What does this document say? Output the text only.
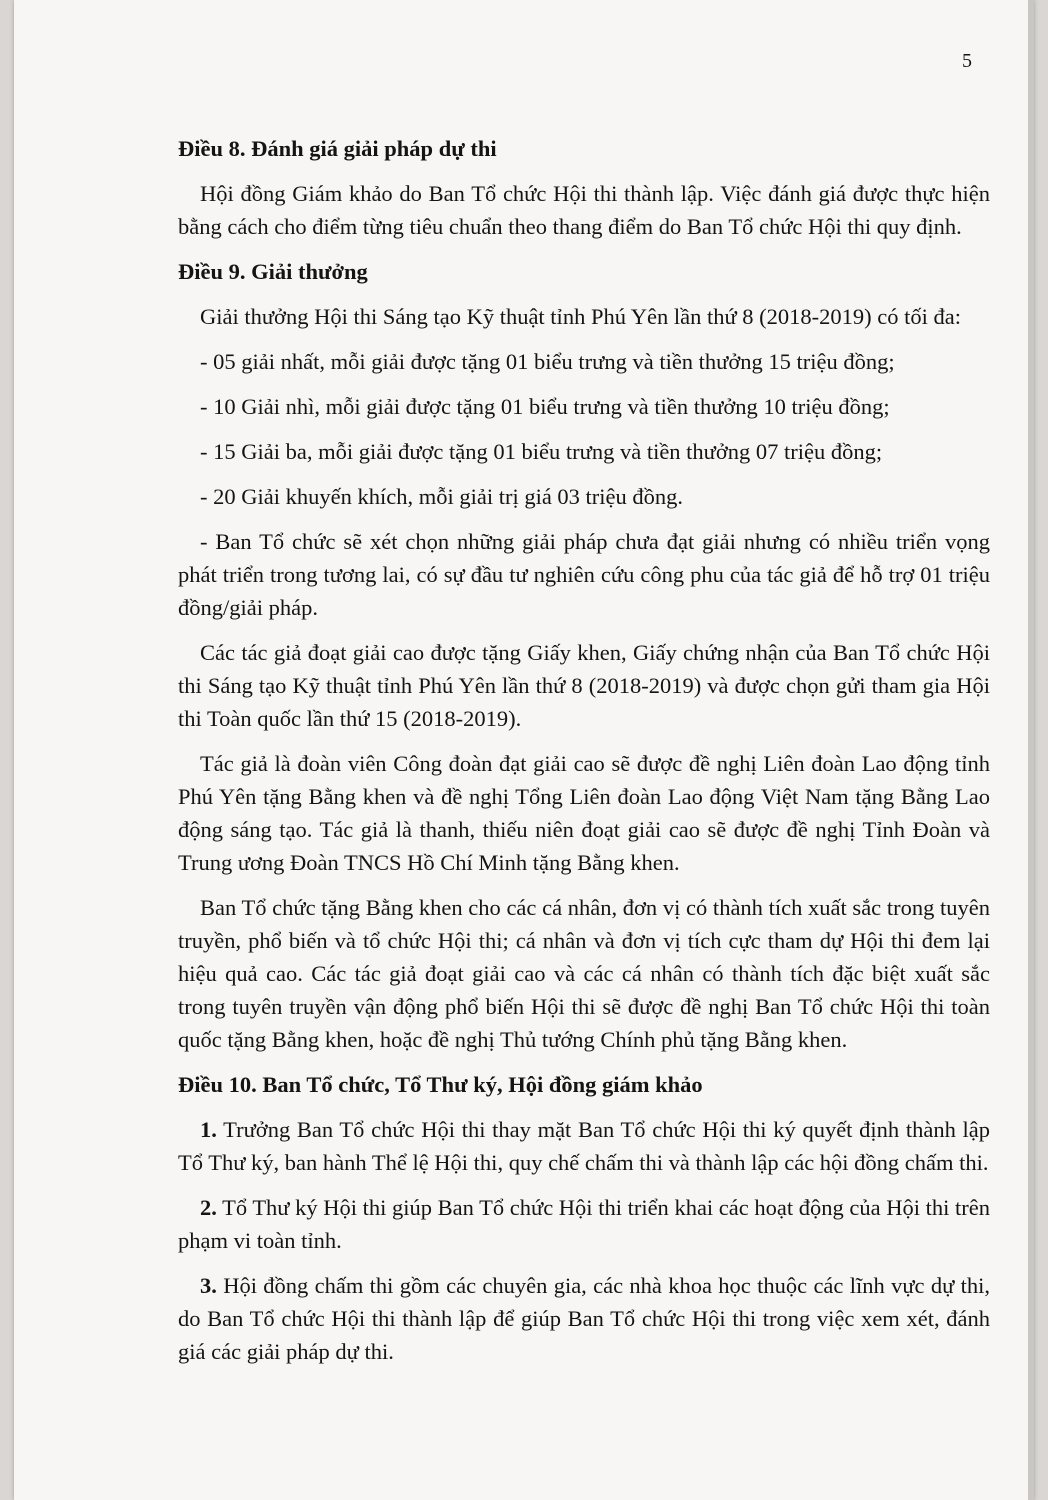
5

Điều 8. Đánh giá giải pháp dự thi

Hội đồng Giám khảo do Ban Tổ chức Hội thi thành lập. Việc đánh giá được thực hiện bằng cách cho điểm từng tiêu chuẩn theo thang điểm do Ban Tổ chức Hội thi quy định.

Điều 9. Giải thưởng

Giải thưởng Hội thi Sáng tạo Kỹ thuật tỉnh Phú Yên lần thứ 8 (2018-2019) có tối đa:

- 05 giải nhất, mỗi giải được tặng 01 biểu trưng và tiền thưởng 15 triệu đồng;
- 10 Giải nhì, mỗi giải được tặng 01 biểu trưng và tiền thưởng 10 triệu đồng;
- 15 Giải ba, mỗi giải được tặng 01 biểu trưng và tiền thưởng 07 triệu đồng;
- 20 Giải khuyến khích, mỗi giải trị giá 03 triệu đồng.

- Ban Tổ chức sẽ xét chọn những giải pháp chưa đạt giải nhưng có nhiều triển vọng phát triển trong tương lai, có sự đầu tư nghiên cứu công phu của tác giả để hỗ trợ 01 triệu đồng/giải pháp.

Các tác giả đoạt giải cao được tặng Giấy khen, Giấy chứng nhận của Ban Tổ chức Hội thi Sáng tạo Kỹ thuật tỉnh Phú Yên lần thứ 8 (2018-2019) và được chọn gửi tham gia Hội thi Toàn quốc lần thứ 15 (2018-2019).

Tác giả là đoàn viên Công đoàn đạt giải cao sẽ được đề nghị Liên đoàn Lao động tỉnh Phú Yên tặng Bằng khen và đề nghị Tổng Liên đoàn Lao động Việt Nam tặng Bằng Lao động sáng tạo. Tác giả là thanh, thiếu niên đoạt giải cao sẽ được đề nghị Tỉnh Đoàn và Trung ương Đoàn TNCS Hồ Chí Minh tặng Bằng khen.

Ban Tổ chức tặng Bằng khen cho các cá nhân, đơn vị có thành tích xuất sắc trong tuyên truyền, phổ biến và tổ chức Hội thi; cá nhân và đơn vị tích cực tham dự Hội thi đem lại hiệu quả cao. Các tác giả đoạt giải cao và các cá nhân có thành tích đặc biệt xuất sắc trong tuyên truyền vận động phổ biến Hội thi sẽ được đề nghị Ban Tổ chức Hội thi toàn quốc tặng Bằng khen, hoặc đề nghị Thủ tướng Chính phủ tặng Bằng khen.

Điều 10. Ban Tổ chức, Tổ Thư ký, Hội đồng giám khảo

1. Trưởng Ban Tổ chức Hội thi thay mặt Ban Tổ chức Hội thi ký quyết định thành lập Tổ Thư ký, ban hành Thể lệ Hội thi, quy chế chấm thi và thành lập các hội đồng chấm thi.

2. Tổ Thư ký Hội thi giúp Ban Tổ chức Hội thi triển khai các hoạt động của Hội thi trên phạm vi toàn tỉnh.

3. Hội đồng chấm thi gồm các chuyên gia, các nhà khoa học thuộc các lĩnh vực dự thi, do Ban Tổ chức Hội thi thành lập để giúp Ban Tổ chức Hội thi trong việc xem xét, đánh giá các giải pháp dự thi.
